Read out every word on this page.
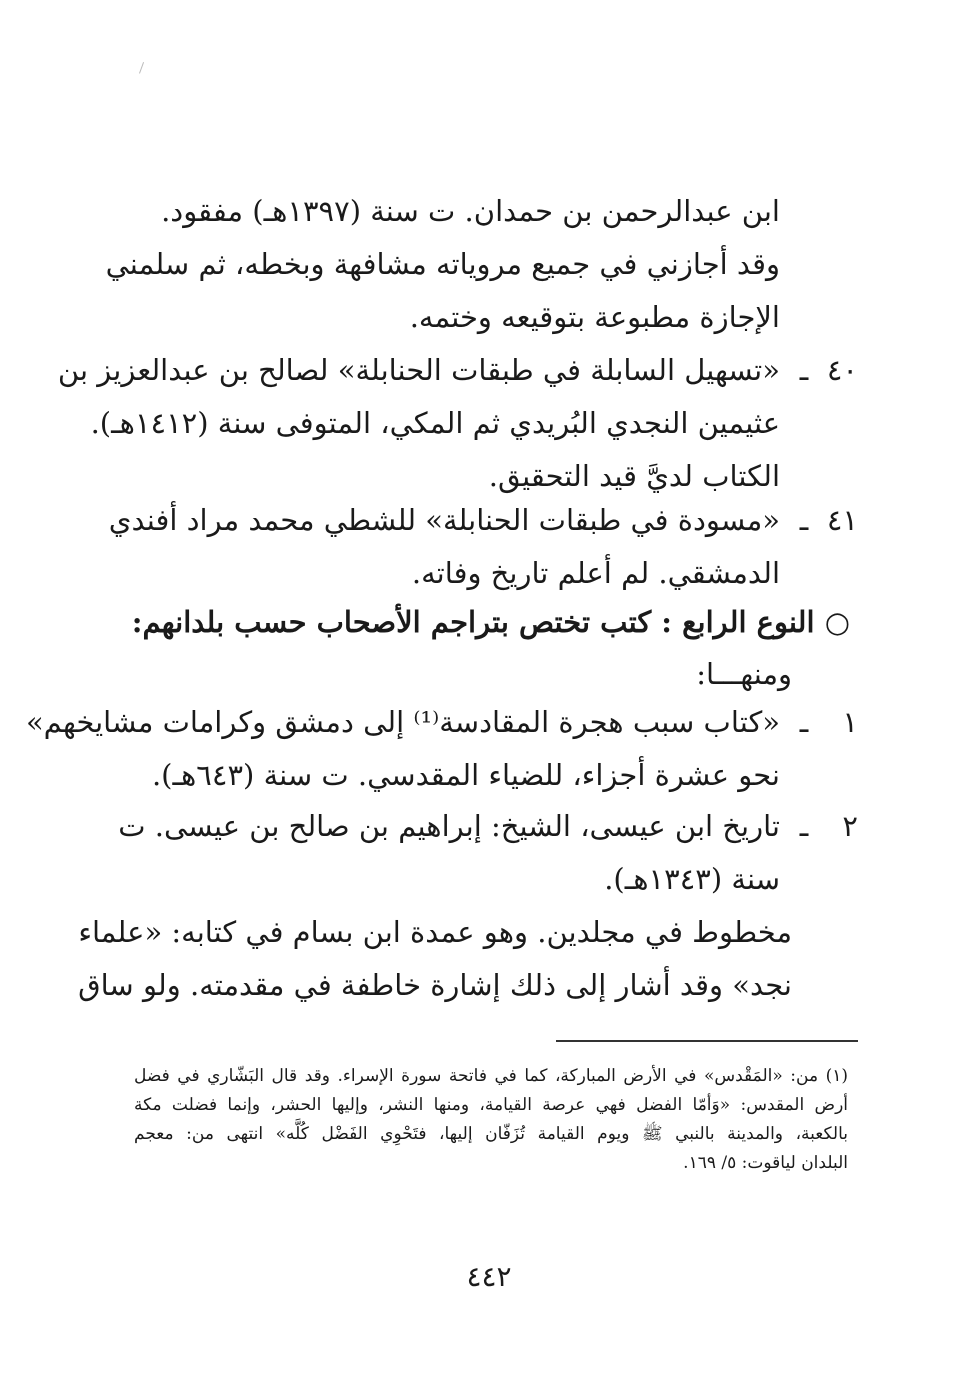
ابن عبدالرحمن بن حمدان. ت سنة (١٣٩٧هـ) مفقود.
وقد أجازني في جميع مروياته مشافهة وبخطه، ثم سلمني
الإجازة مطبوعة بتوقيعه وختمه.
٤٠ـ
«تسهيل السابلة في طبقات الحنابلة» لصالح بن عبدالعزيز بن
عثيمين النجدي البُريدي ثم المكي، المتوفى سنة (١٤١٢هـ).
الكتاب لديَّ قيد التحقيق.
٤١ـ
«مسودة في طبقات الحنابلة» للشطي محمد مراد أفندي
الدمشقي. لم أعلم تاريخ وفاته.
○ النوع الرابع : كتب تختص بتراجم الأصحاب حسب بلدانهم:
ومنهـــا:
١ـ
«كتاب سبب هجرة المقادسة⁽¹⁾ إلى دمشق وكرامات مشايخهم»
نحو عشرة أجزاء، للضياء المقدسي. ت سنة (٦٤٣هـ).
٢ـ
تاريخ ابن عيسى، الشيخ: إبراهيم بن صالح بن عيسى. ت
سنة (١٣٤٣هـ).
مخطوط في مجلدين. وهو عمدة ابن بسام في كتابه: «علماء
نجد» وقد أشار إلى ذلك إشارة خاطفة في مقدمته. ولو ساق
(١) من: «المَقْدس» في الأرض المباركة، كما في فاتحة سورة الإسراء. وقد قال البَشّاري في فضل
أرض المقدس: «وَأمّا الفضل فهي عرصة القيامة، ومنها النشر، وإليها الحشر، وإنما فضلت مكة
بالكعبة، والمدينة بالنبي ﷺ ويوم القيامة تُزَفّان إليها، فتَحْوِي الفَضْل كُلَّه» انتهى من: معجم
البلدان لياقوت: ٥/ ١٦٩.
٤٤٢
